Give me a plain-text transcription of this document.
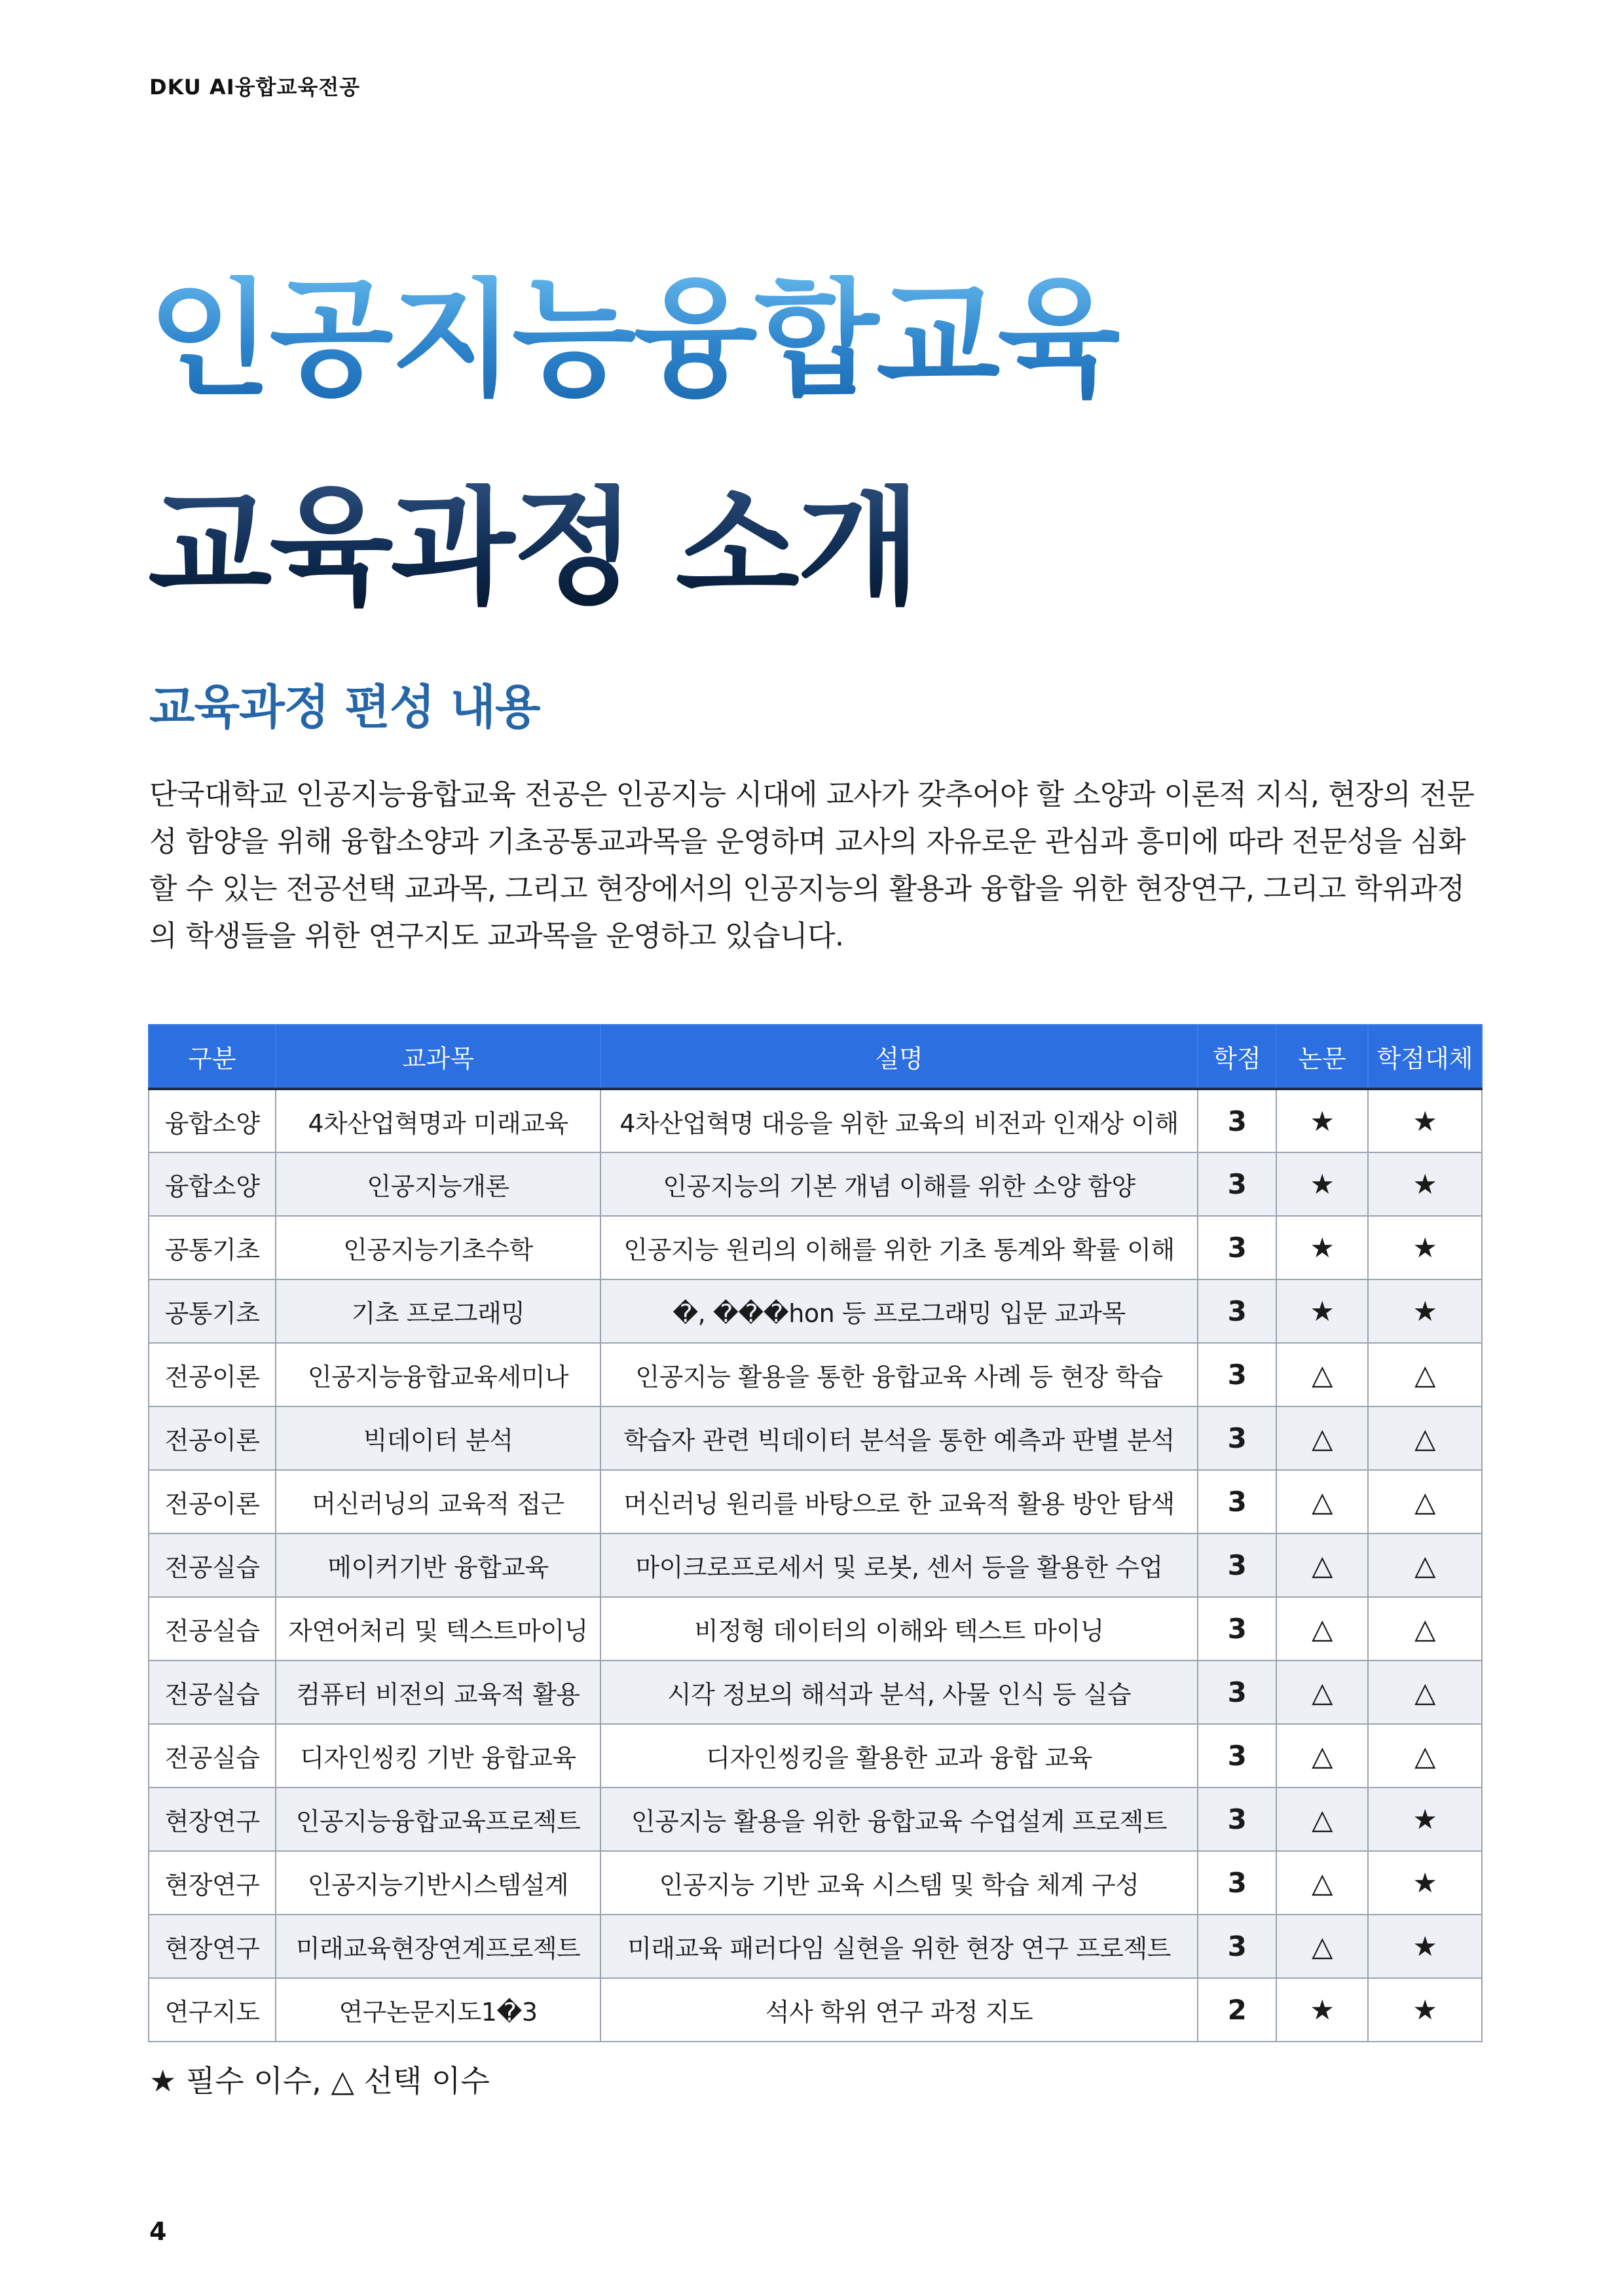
DKU AI융합교육전공
인공지능융합교육
교육과정 소개
교육과정 편성 내용
단국대학교 인공지능융합교육 전공은 인공지능 시대에 교사가 갖추어야 할 소양과 이론적 지식, 현장의 전문성 함양을 위해 융합소양과 기초공통교과목을 운영하며 교사의 자유로운 관심과 흥미에 따라 전문성을 심화할 수 있는 전공선택 교과목, 그리고 현장에서의 인공지능의 활용과 융합을 위한 현장연구, 그리고 학위과정의 학생들을 위한 연구지도 교과목을 운영하고 있습니다.
구분	교과목	설명	학점	논문	학점대체
융합소양	4차산업혁명과 미래교육	4차산업혁명 대응을 위한 교육의 비전과 인재상 이해	3	★	★
융합소양	인공지능개론	인공지능의 기본 개념 이해를 위한 소양 함양	3	★	★
공통기초	인공지능기초수학	인공지능 원리의 이해를 위한 기초 통계와 확률 이해	3	★	★
공통기초	기초 프로그래밍	�, ���hon 등 프로그래밍 입문 교과목	3	★	★
전공이론	인공지능융합교육세미나	인공지능 활용을 통한 융합교육 사례 등 현장 학습	3	△	△
전공이론	빅데이터 분석	학습자 관련 빅데이터 분석을 통한 예측과 판별 분석	3	△	△
전공이론	머신러닝의 교육적 접근	머신러닝 원리를 바탕으로 한 교육적 활용 방안 탐색	3	△	△
전공실습	메이커기반 융합교육	마이크로프로세서 및 로봇, 센서 등을 활용한 수업	3	△	△
전공실습	자연어처리 및 텍스트마이닝	비정형 데이터의 이해와 텍스트 마이닝	3	△	△
전공실습	컴퓨터 비전의 교육적 활용	시각 정보의 해석과 분석, 사물 인식 등 실습	3	△	△
전공실습	디자인씽킹 기반 융합교육	디자인씽킹을 활용한 교과 융합 교육	3	△	△
현장연구	인공지능융합교육프로젝트	인공지능 활용을 위한 융합교육 수업설계 프로젝트	3	△	★
현장연구	인공지능기반시스템설계	인공지능 기반 교육 시스템 및 학습 체계 구성	3	△	★
현장연구	미래교육현장연계프로젝트	미래교육 패러다임 실현을 위한 현장 연구 프로젝트	3	△	★
연구지도	연구논문지도1�3	석사 학위 연구 과정 지도	2	★	★
★ 필수 이수, △ 선택 이수
4
